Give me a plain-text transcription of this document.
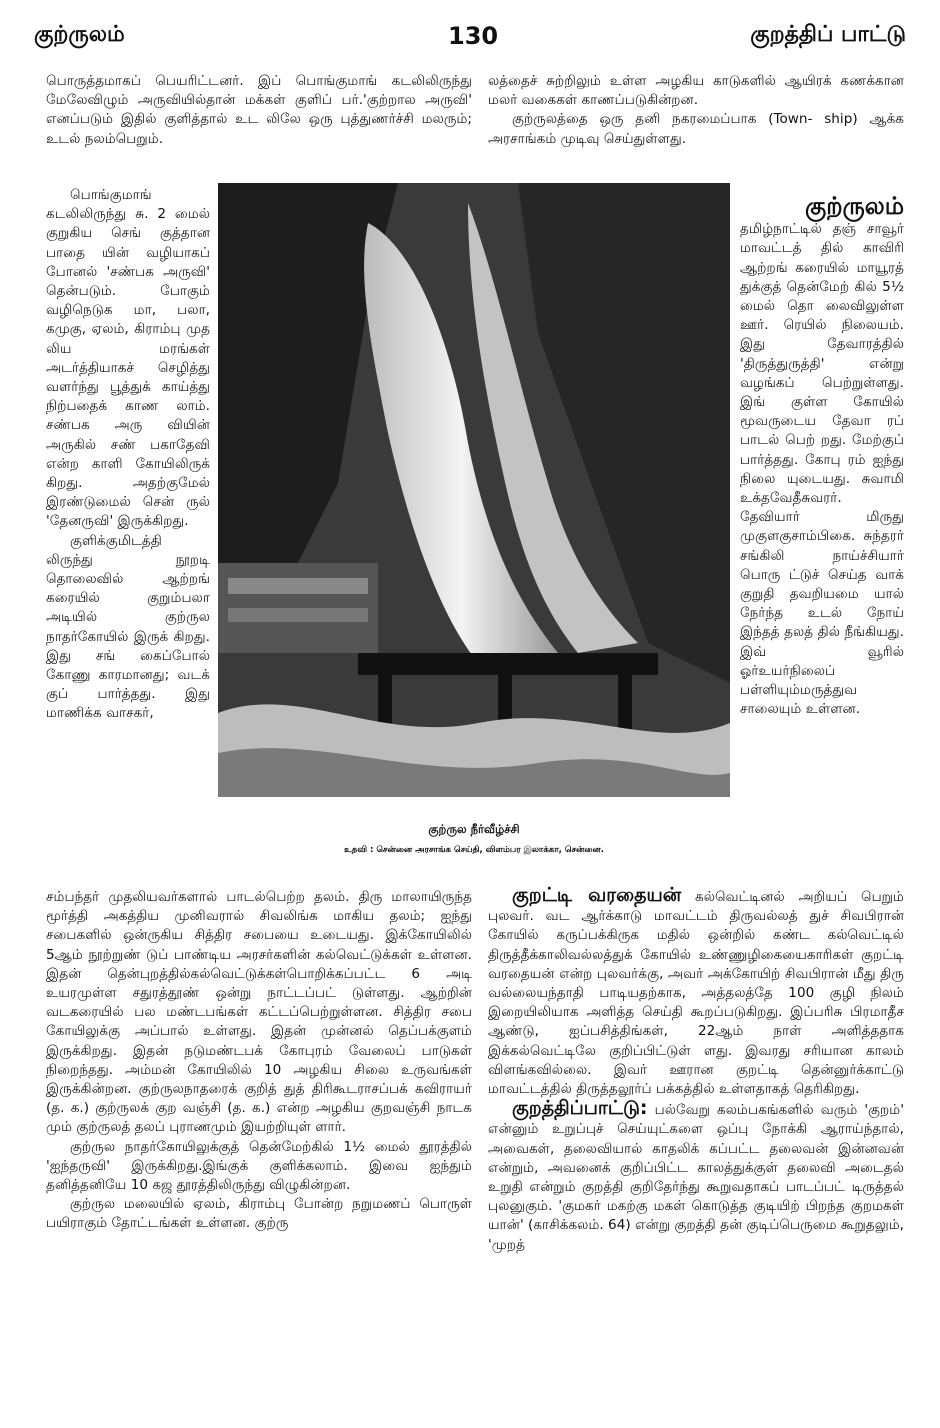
குற்ருலம்	130	குறத்திப் பாட்டு

பொருத்தமாகப் பெயரிட்டனர். இப் பொங்குமாங் கடலிலிருந்து மேலேவிழும் அருவியில்தான் மக்கள் குளிப் பர்.'குற்றால அருவி' எனப்படும் இதில் குளித்தால் உட லிலே ஒரு புத்துணர்ச்சி மலரும்; உடல் நலம்பெறும்.

பொங்குமாங் கடலிலிருந்து சு. 2 மைல் குறுகிய செங் குத்தான பாதை யின் வழியாகப் போனல் 'சண்பக அருவி' தென்படும். போகும் வழிநெடுக மா, பலா, கமுகு, ஏலம், கிராம்பு முத லிய மரங்கள் அடர்த்தியாகச் செழித்து வளர்ந்து பூத்துக் காய்த்து நிற்பதைக் காண லாம். சண்பக அரு வியின் அருகில் சண் பகாதேவி என்ற காளி கோயிலிருக் கிறது. அதற்குமேல் இரண்டுமைல் சென் ருல் 'தேனருவி' இருக்கிறது.

குளிக்குமிடத்தி லிருந்து நூறடி தொலைவில் ஆற்றங் கரையில் குறும்பலா அடியில் குற்ருல நாதர்கோயில் இருக் கிறது. இது சங் கைப்போல் கோணு காரமானது; வடக் குப் பார்த்தது. இது மாணிக்க வாசகர்,

குற்ருல நீர்வீழ்ச்சி
உதவி : சென்னை அரசாங்க செய்தி, விளம்பர இலாக்கா, சென்னை.

சம்பந்தர் முதலியவர்களால் பாடல்பெற்ற தலம். திரு மாலாயிருந்த மூர்த்தி அகத்திய முனிவரால் சிவலிங்க மாகிய தலம்; ஐந்து சபைகளில் ஒன்ருகிய சித்திர சபையை உடையது. இக்கோயிலில் 5ஆம் நூற்றுண் டுப் பாண்டிய அரசர்களின் கல்வெட்டுக்கள் உள்ளன. இதன் தென்புறத்தில்கல்வெட்டுக்கள்பொறிக்கப்பட்ட 6 அடி உயரமுள்ள சதுரத்தூண் ஒன்று நாட்டப்பட் டுள்ளது. ஆற்றின் வடகரையில் பல மண்டபங்கள் கட்டப்பெற்றுள்ளன. சித்திர சபை கோயிலுக்கு அப்பால் உள்ளது. இதன் முன்னல் தெப்பக்குளம் இருக்கிறது. இதன் நடுமண்டபக் கோபுரம் வேலைப் பாடுகள் நிறைந்தது. அம்மன் கோயிலில் 10 அழகிய சிலை உருவங்கள் இருக்கின்றன. குற்ருலநாதரைக் குறித் துத் திரிகூடராசப்பக் கவிராயர் (த. க.) குற்ருலக் குற வஞ்சி (த. க.) என்ற அழகிய குறவஞ்சி நாடக மும் குற்ருலத் தலப் புராணமும் இயற்றியுள் ளார்.

குற்ருல நாதர்கோயிலுக்குத் தென்மேற்கில் 1½ மைல் தூரத்தில் 'ஐந்தருவி' இருக்கிறது.இங்குக் குளிக்கலாம். இவை ஐந்தும் தனித்தனியே 10 கஜ தூரத்திலிருந்து விழுகின்றன.

குற்ருல மலையில் ஏலம், கிராம்பு போன்ற நறுமணப் பொருள் பயிராகும் தோட்டங்கள் உள்ளன. குற்ரு

லத்தைச் சுற்றிலும் உள்ள அழகிய காடுகளில் ஆயிரக் கணக்கான மலர் வகைகள் காணப்படுகின்றன.

குற்ருலத்தை ஒரு தனி நகரமைப்பாக (Town- ship) ஆக்க அரசாங்கம் முடிவு செய்துள்ளது.

குற்ருலம்

தமிழ்நாட்டில் தஞ் சாவூர் மாவட்டத் தில் காவிரி ஆற்றங் கரையில் மாயூரத் துக்குத் தென்மேற் கில் 5½ மைல் தொ லைவிலுள்ள ஊர். ரெயில் நிலையம். இது தேவாரத்தில் 'திருத்துருத்தி' என்று வழங்கப் பெற்றுள்ளது. இங் குள்ள கோயில் மூவருடைய தேவா ரப் பாடல் பெற் றது. மேற்குப் பார்த்தது. கோபு ரம் ஐந்து நிலை யுடையது. சுவாமி உக்தவேதீசுவரர். தேவியார் மிருது முகுளகுசாம்பிகை. சுந்தரர் சங்கிலி நாய்ச்சியார் பொரு ட்டுச் செய்த வாக் குறுதி தவறியமை யால் நேர்ந்த உடல் நோய் இந்தத் தலத் தில் நீங்கியது. இவ் வூரில் ஓர்உயர்நிலைப் பள்ளியும்மருத்துவ சாலையும் உள்ளன.

குறட்டி வரதையன் கல்வெட்டினல் அறியப் பெறும் புலவர். வட ஆர்க்காடு மாவட்டம் திருவல்லத் துச் சிவபிரான் கோயில் கருப்பக்கிருக மதில் ஒன்றில் கண்ட கல்வெட்டில் திருத்தீக்காலிவல்லத்துக் கோயில் உண்ணுழிகையைகாரிகள் குறட்டி வரதையன் என்ற புலவர்க்கு, அவர் அக்கோயிற் சிவபிரான் மீது திரு வல்லையந்தாதி பாடியதற்காக, அத்தலத்தே 100 குழி நிலம் இறையிலியாக அளித்த செய்தி கூறப்படுகிறது. இப்பரிசு பிரமாதீச ஆண்டு, ஐப்பசித்திங்கள், 22ஆம் நாள் அளித்ததாக இக்கல்வெட்டிலே குறிப்பிட்டுள் ளது. இவரது சரியான காலம் விளங்கவில்லை. இவர் ஊரான குறட்டி தென்னுர்க்காட்டு மாவட்டத்தில் திருத்தலூர்ப் பக்கத்தில் உள்ளதாகத் தெரிகிறது.

குறத்திப்பாட்டு: பல்வேறு கலம்பகங்களில் வரும் 'குறம்' என்னும் உறுப்புச் செய்யுட்களை ஒப்பு நோக்கி ஆராய்ந்தால், அவைகள், தலைவியால் காதலிக் கப்பட்ட தலைவன் இன்னவன் என்றும், அவனைக் குறிப்பிட்ட காலத்துக்குள் தலைவி அடைதல் உறுதி என்றும் குறத்தி குறிதேர்ந்து கூறுவதாகப் பாடப்பட் டிருத்தல் புலனுகும். 'குமகர் மகற்கு மகள் கொடுத்த குடியிற் பிறந்த குறமகள் யான்' (காசிக்கலம். 64) என்று குறத்தி தன் குடிப்பெருமை கூறுதலும், 'முறத்
